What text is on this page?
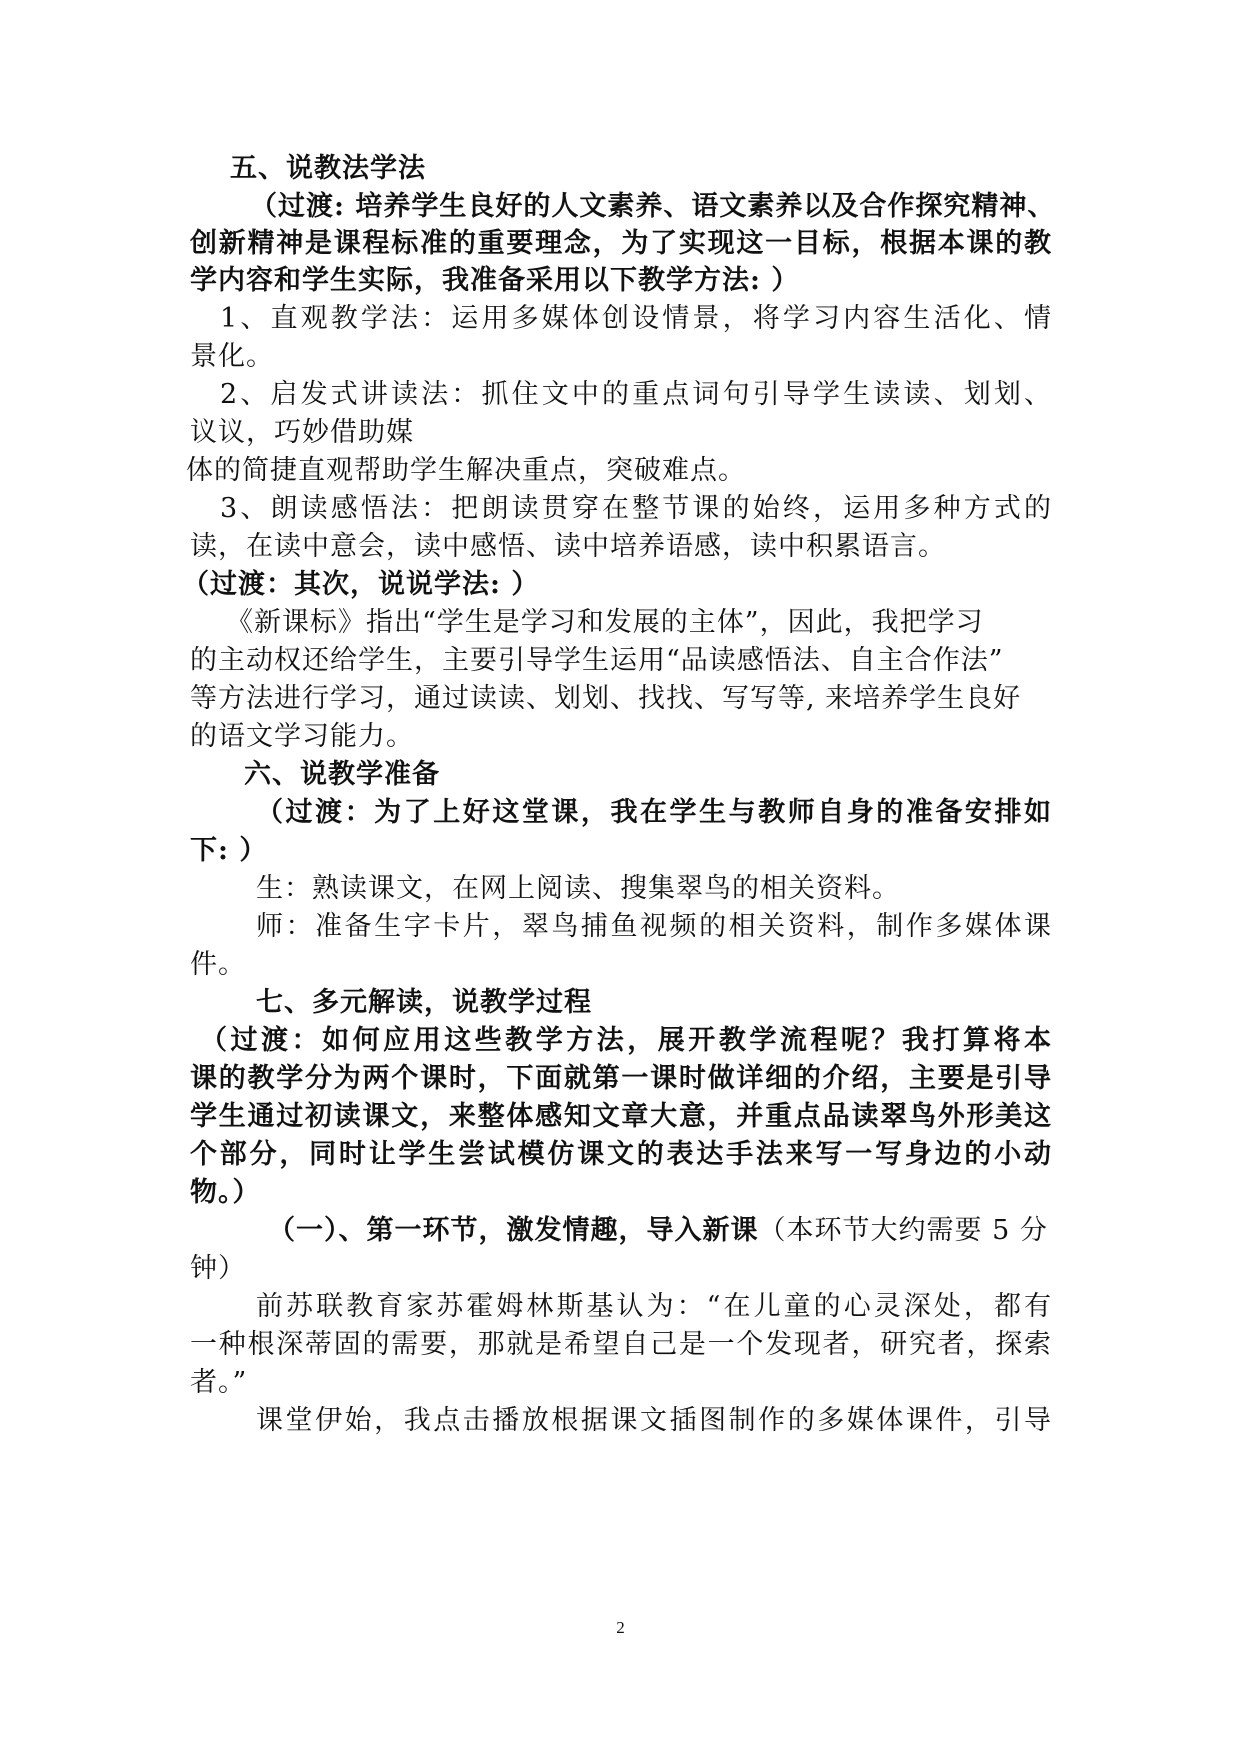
五、说教法学法
（过渡: 培养学生良好的人文素养、语文素养以及合作探究精神、
创新精神是课程标准的重要理念，为了实现这一目标，根据本课的教
学内容和学生实际，我准备采用以下教学方法: ）
1、直观教学法：运用多媒体创设情景，将学习内容生活化、情
景化。
2、启发式讲读法：抓住文中的重点词句引导学生读读、划划、
议议，巧妙借助媒
体的简捷直观帮助学生解决重点，突破难点。
3、朗读感悟法：把朗读贯穿在整节课的始终，运用多种方式的
读，在读中意会，读中感悟、读中培养语感，读中积累语言。
（过渡：其次，说说学法: ）
《新课标》指出“学生是学习和发展的主体”，因此，我把学习
的主动权还给学生，主要引导学生运用“品读感悟法、自主合作法”
等方法进行学习，通过读读、划划、找找、写写等, 来培养学生良好
的语文学习能力。
六、说教学准备
（过渡：为了上好这堂课，我在学生与教师自身的准备安排如
下: ）
生：熟读课文，在网上阅读、搜集翠鸟的相关资料。
师：准备生字卡片，翠鸟捕鱼视频的相关资料，制作多媒体课
件。
七、多元解读，说教学过程
（过渡：如何应用这些教学方法，展开教学流程呢？我打算将本
课的教学分为两个课时，下面就第一课时做详细的介绍，主要是引导
学生通过初读课文，来整体感知文章大意，并重点品读翠鸟外形美这
个部分，同时让学生尝试模仿课文的表达手法来写一写身边的小动
物。）
（一）、第一环节，激发情趣，导入新课（本环节大约需要 5 分
钟）
前苏联教育家苏霍姆林斯基认为：“在儿童的心灵深处，都有
一种根深蒂固的需要，那就是希望自己是一个发现者，研究者，探索
者。”
课堂伊始，我点击播放根据课文插图制作的多媒体课件，引导
2
